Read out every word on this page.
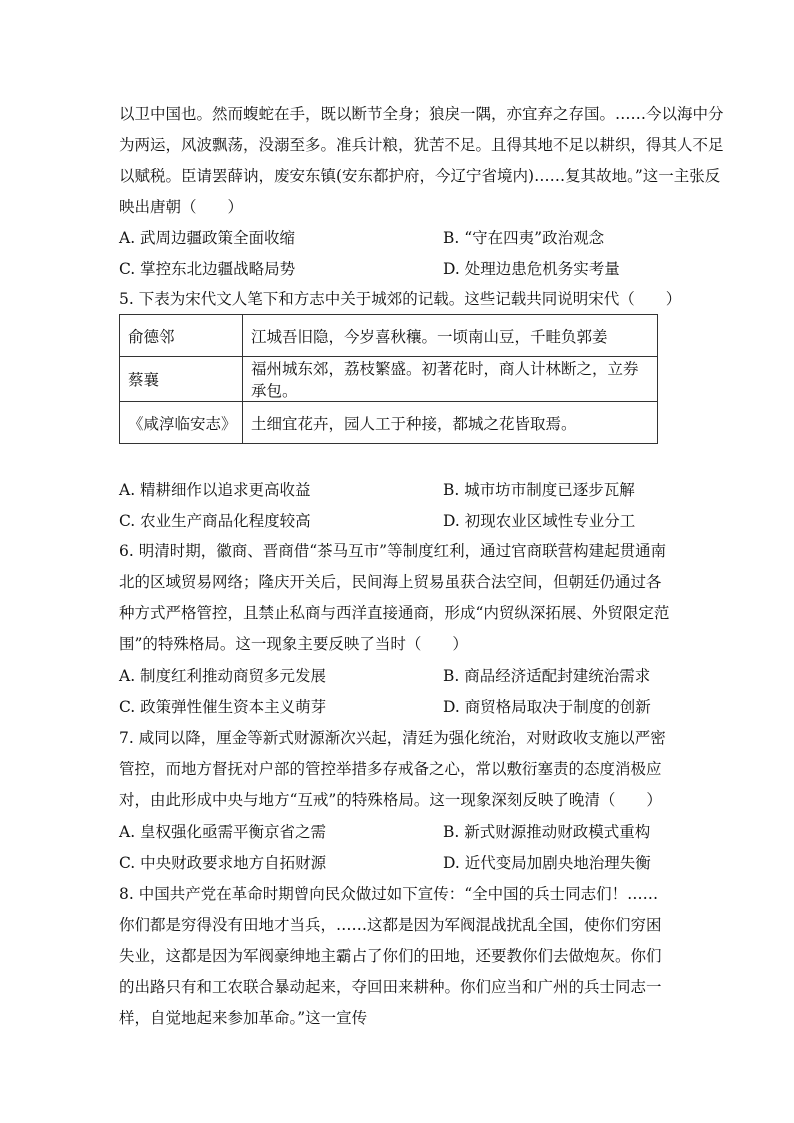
以卫中国也。然而蝮蛇在手，既以断节全身；狼戾一隅，亦宜弃之存国。……今以海中分
为两运，风波飘荡，没溺至多。准兵计粮，犹苦不足。且得其地不足以耕织，得其人不足
以赋税。臣请罢薛讷，废安东镇(安东都护府，今辽宁省境内)……复其故地。”这一主张反
映出唐朝（　　）
A. 武周边疆政策全面收缩	B. “守在四夷”政治观念
C. 掌控东北边疆战略局势	D. 处理边患危机务实考量
5. 下表为宋代文人笔下和方志中关于城郊的记载。这些记载共同说明宋代（　　）
俞德邻	江城吾旧隐，今岁喜秋穰。一顷南山豆，千畦负郭姜
蔡襄	福州城东郊，荔枝繁盛。初著花时，商人计林断之，立券承包。
《咸淳临安志》	土细宜花卉，园人工于种接，都城之花皆取焉。
A. 精耕细作以追求更高收益	B. 城市坊市制度已逐步瓦解
C. 农业生产商品化程度较高	D. 初现农业区域性专业分工
6. 明清时期，徽商、晋商借“茶马互市”等制度红利，通过官商联营构建起贯通南北的区域贸易网络；隆庆开关后，民间海上贸易虽获合法空间，但朝廷仍通过各种方式严格管控，且禁止私商与西洋直接通商，形成“内贸纵深拓展、外贸限定范围”的特殊格局。这一现象主要反映了当时（　　）
A. 制度红利推动商贸多元发展	B. 商品经济适配封建统治需求
C. 政策弹性催生资本主义萌芽	D. 商贸格局取决于制度的创新
7. 咸同以降，厘金等新式财源渐次兴起，清廷为强化统治，对财政收支施以严密管控，而地方督抚对户部的管控举措多存戒备之心，常以敷衍塞责的态度消极应对，由此形成中央与地方“互戒”的特殊格局。这一现象深刻反映了晚清（　　）
A. 皇权强化亟需平衡京省之需	B. 新式财源推动财政模式重构
C. 中央财政要求地方自拓财源	D. 近代变局加剧央地治理失衡
8. 中国共产党在革命时期曾向民众做过如下宣传：“全中国的兵士同志们！……你们都是穷得没有田地才当兵，……这都是因为军阀混战扰乱全国，使你们穷困失业，这都是因为军阀豪绅地主霸占了你们的田地，还要教你们去做炮灰。你们的出路只有和工农联合暴动起来，夺回田来耕种。你们应当和广州的兵士同志一样，自觉地起来参加革命。”这一宣传
